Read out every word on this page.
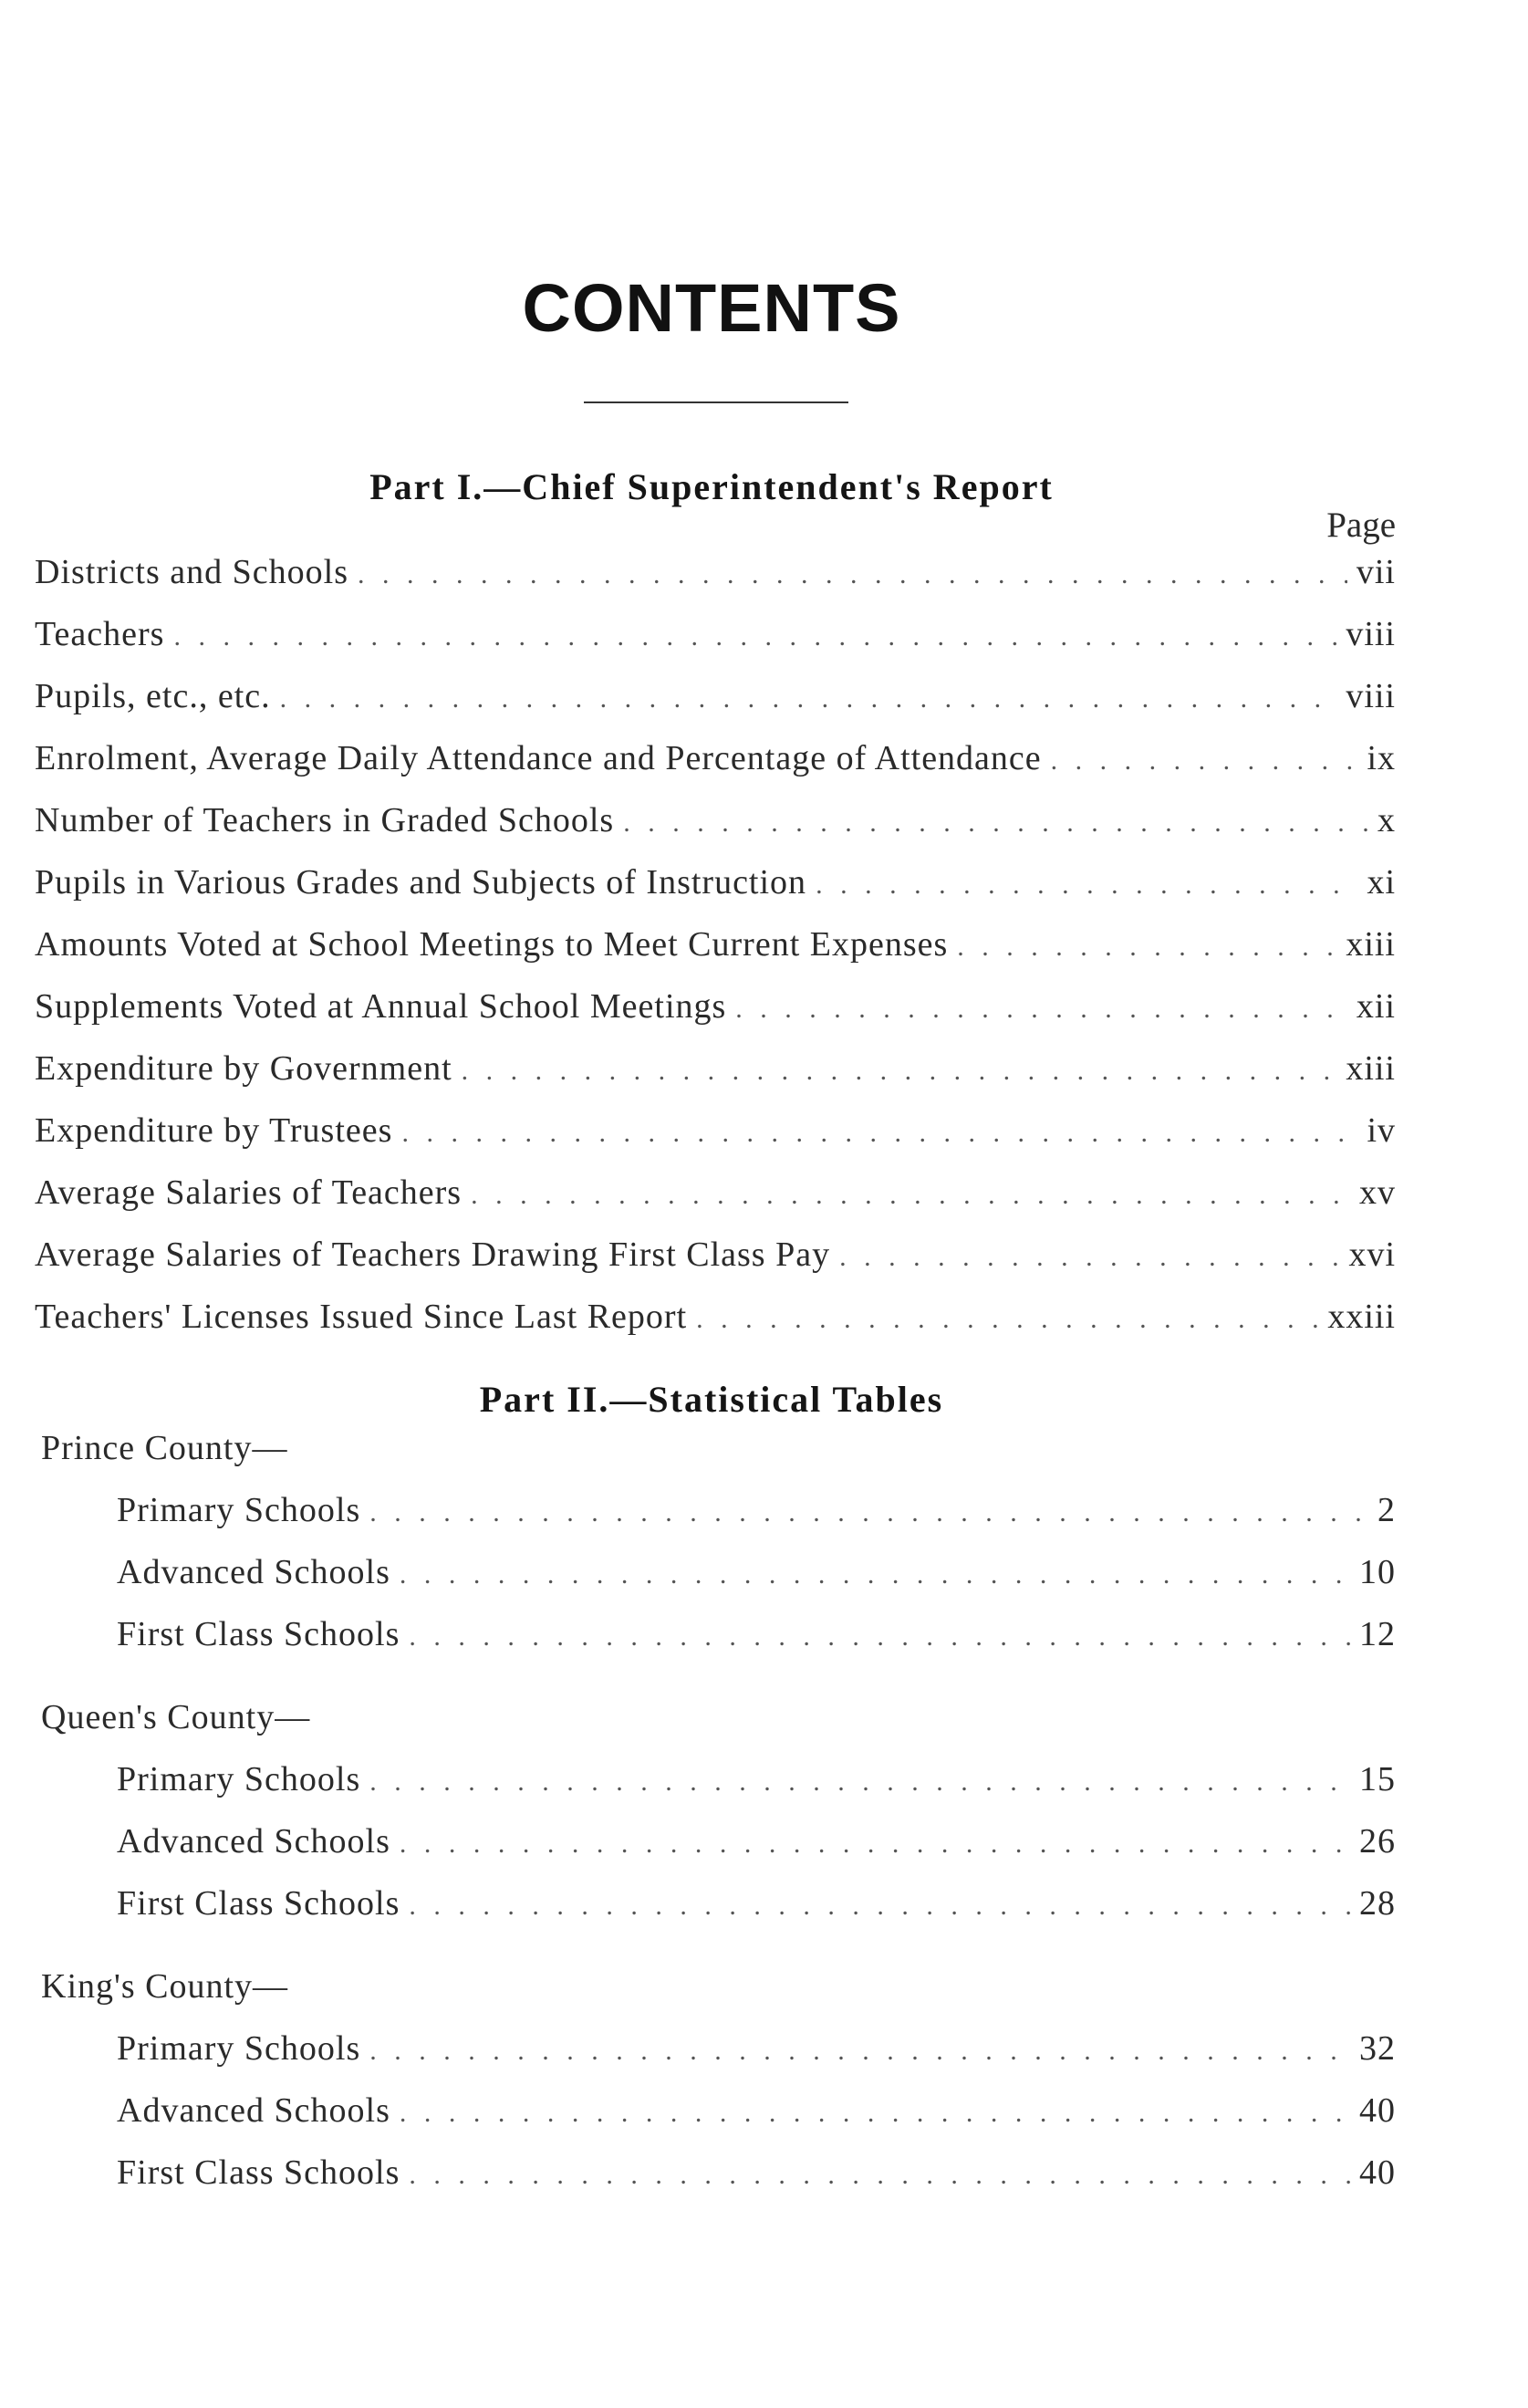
CONTENTS
Part I.—Chief Superintendent's Report
Page
Districts and Schools . . .	vii
Teachers . . .	viii
Pupils, etc., etc. . . .	viii
Enrolment, Average Daily Attendance and Percentage of Attendance . . .	ix
Number of Teachers in Graded Schools . . .	x
Pupils in Various Grades and Subjects of Instruction . . .	xi
Amounts Voted at School Meetings to Meet Current Expenses . . .	xiii
Supplements Voted at Annual School Meetings . . .	xii
Expenditure by Government . . .	xiii
Expenditure by Trustees . . .	iv
Average Salaries of Teachers . . .	xv
Average Salaries of Teachers Drawing First Class Pay . . .	xvi
Teachers' Licenses Issued Since Last Report . . .	xxiii
Part II.—Statistical Tables
Prince County—
Primary Schools . . .	2
Advanced Schools . . .	10
First Class Schools . . .	12
Queen's County—
Primary Schools . . .	15
Advanced Schools . . .	26
First Class Schools . . .	28
King's County—
Primary Schools . . .	32
Advanced Schools . . .	40
First Class Schools . . .	40
